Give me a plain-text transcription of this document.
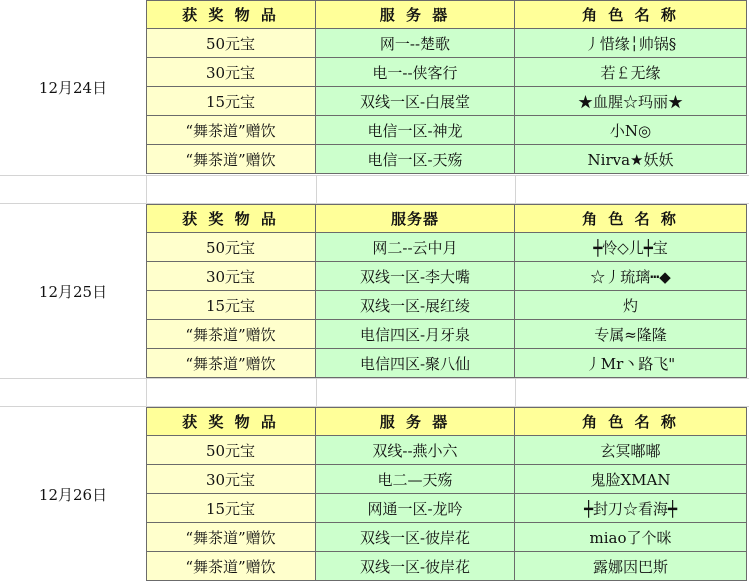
12月24日
获 奖 物 品	服 务 器	角 色 名 称
50元宝	网一--楚歌	丿惜缘╎帅锅§
30元宝	电一--侠客行	若￡无缘
15元宝	双线一区-白展堂	★血腥☆玛丽★
“舞茶道”赠饮	电信一区-神龙	小N◎
“舞茶道”赠饮	电信一区-天殇	Nirva★妖妖
12月25日
获 奖 物 品	服务器	角 色 名 称
50元宝	网二--云中月	┿怜◇儿┿宝
30元宝	双线一区-李大嘴	☆丿琉璃┅◆
15元宝	双线一区-展红绫	灼
“舞茶道”赠饮	电信四区-月牙泉	专属≈隆隆
“舞茶道”赠饮	电信四区-聚八仙	丿Mr丶路飞"
12月26日
获 奖 物 品	服 务 器	角 色 名 称
50元宝	双线--燕小六	玄冥嘟嘟
30元宝	电二—天殇	鬼脸XMAN
15元宝	网通一区-龙吟	┿封刀☆看海┿
“舞茶道”赠饮	双线一区-彼岸花	miao了个咪
“舞茶道”赠饮	双线一区-彼岸花	露娜因巴斯
